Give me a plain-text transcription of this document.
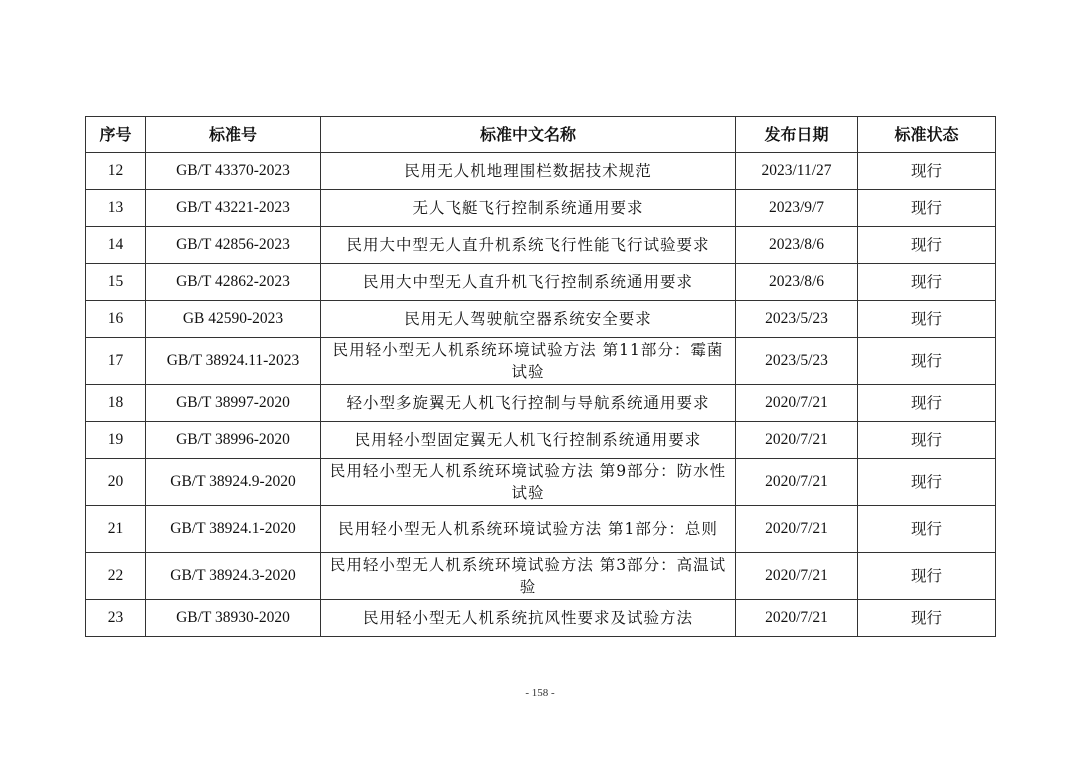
序号	标准号	标准中文名称	发布日期	标准状态
12	GB/T 43370-2023	民用无人机地理围栏数据技术规范	2023/11/27	现行
13	GB/T 43221-2023	无人飞艇飞行控制系统通用要求	2023/9/7	现行
14	GB/T 42856-2023	民用大中型无人直升机系统飞行性能飞行试验要求	2023/8/6	现行
15	GB/T 42862-2023	民用大中型无人直升机飞行控制系统通用要求	2023/8/6	现行
16	GB 42590-2023	民用无人驾驶航空器系统安全要求	2023/5/23	现行
17	GB/T 38924.11-2023	民用轻小型无人机系统环境试验方法 第11部分：霉菌试验	2023/5/23	现行
18	GB/T 38997-2020	轻小型多旋翼无人机飞行控制与导航系统通用要求	2020/7/21	现行
19	GB/T 38996-2020	民用轻小型固定翼无人机飞行控制系统通用要求	2020/7/21	现行
20	GB/T 38924.9-2020	民用轻小型无人机系统环境试验方法 第9部分：防水性试验	2020/7/21	现行
21	GB/T 38924.1-2020	民用轻小型无人机系统环境试验方法 第1部分：总则	2020/7/21	现行
22	GB/T 38924.3-2020	民用轻小型无人机系统环境试验方法 第3部分：高温试验	2020/7/21	现行
23	GB/T 38930-2020	民用轻小型无人机系统抗风性要求及试验方法	2020/7/21	现行
- 158 -
